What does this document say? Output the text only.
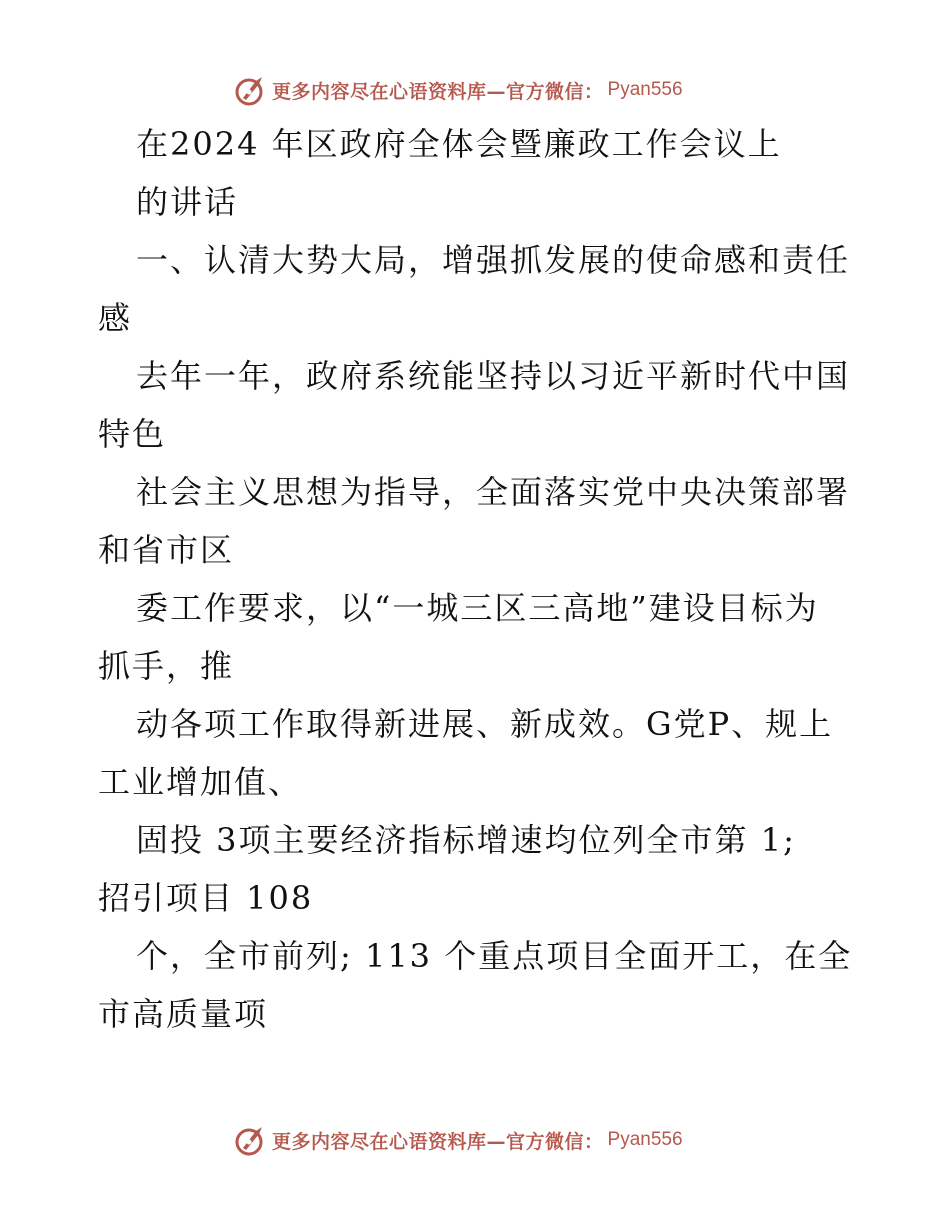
更多内容尽在心语资料库—官方微信： Pyan556
在2024 年区政府全体会暨廉政工作会议上
的讲话
一、认清大势大局，增强抓发展的使命感和责任
感
去年一年，政府系统能坚持以习近平新时代中国
特色
社会主义思想为指导，全面落实党中央决策部署
和省市区
委工作要求，以“一城三区三高地”建设目标为
抓手，推
动各项工作取得新进展、新成效。G党P、规上
工业增加值、
固投 3项主要经济指标增速均位列全市第 1;
招引项目 108
个，全市前列; 113 个重点项目全面开工，在全
市高质量项
更多内容尽在心语资料库—官方微信： Pyan556
